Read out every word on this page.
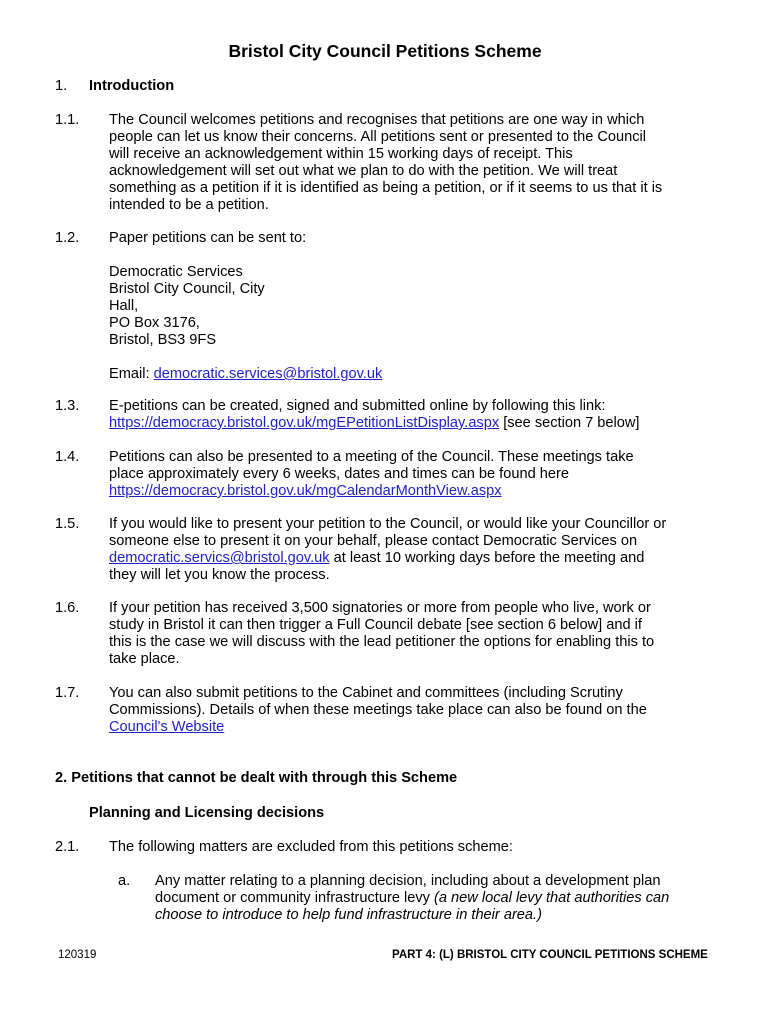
Bristol City Council Petitions Scheme
1. Introduction
1.1. The Council welcomes petitions and recognises that petitions are one way in which
people can let us know their concerns. All petitions sent or presented to the Council
will receive an acknowledgement within 15 working days of receipt. This
acknowledgement will set out what we plan to do with the petition. We will treat
something as a petition if it is identified as being a petition, or if it seems to us that it is
intended to be a petition.
1.2. Paper petitions can be sent to:
Democratic Services
Bristol City Council, City
Hall,
PO Box 3176,
Bristol, BS3 9FS
Email: democratic.services@bristol.gov.uk
1.3. E-petitions can be created, signed and submitted online by following this link:
https://democracy.bristol.gov.uk/mgEPetitionListDisplay.aspx [see section 7 below]
1.4. Petitions can also be presented to a meeting of the Council. These meetings take
place approximately every 6 weeks, dates and times can be found here
https://democracy.bristol.gov.uk/mgCalendarMonthView.aspx
1.5. If you would like to present your petition to the Council, or would like your Councillor or
someone else to present it on your behalf, please contact Democratic Services on
democratic.servics@bristol.gov.uk at least 10 working days before the meeting and
they will let you know the process.
1.6. If your petition has received 3,500 signatories or more from people who live, work or
study in Bristol it can then trigger a Full Council debate [see section 6 below] and if
this is the case we will discuss with the lead petitioner the options for enabling this to
take place.
1.7. You can also submit petitions to the Cabinet and committees (including Scrutiny
Commissions). Details of when these meetings take place can also be found on the
Council's Website
2. Petitions that cannot be dealt with through this Scheme
Planning and Licensing decisions
2.1. The following matters are excluded from this petitions scheme:
a. Any matter relating to a planning decision, including about a development plan
document or community infrastructure levy (a new local levy that authorities can
choose to introduce to help fund infrastructure in their area.)
120319	PART 4: (L) BRISTOL CITY COUNCIL PETITIONS SCHEME
